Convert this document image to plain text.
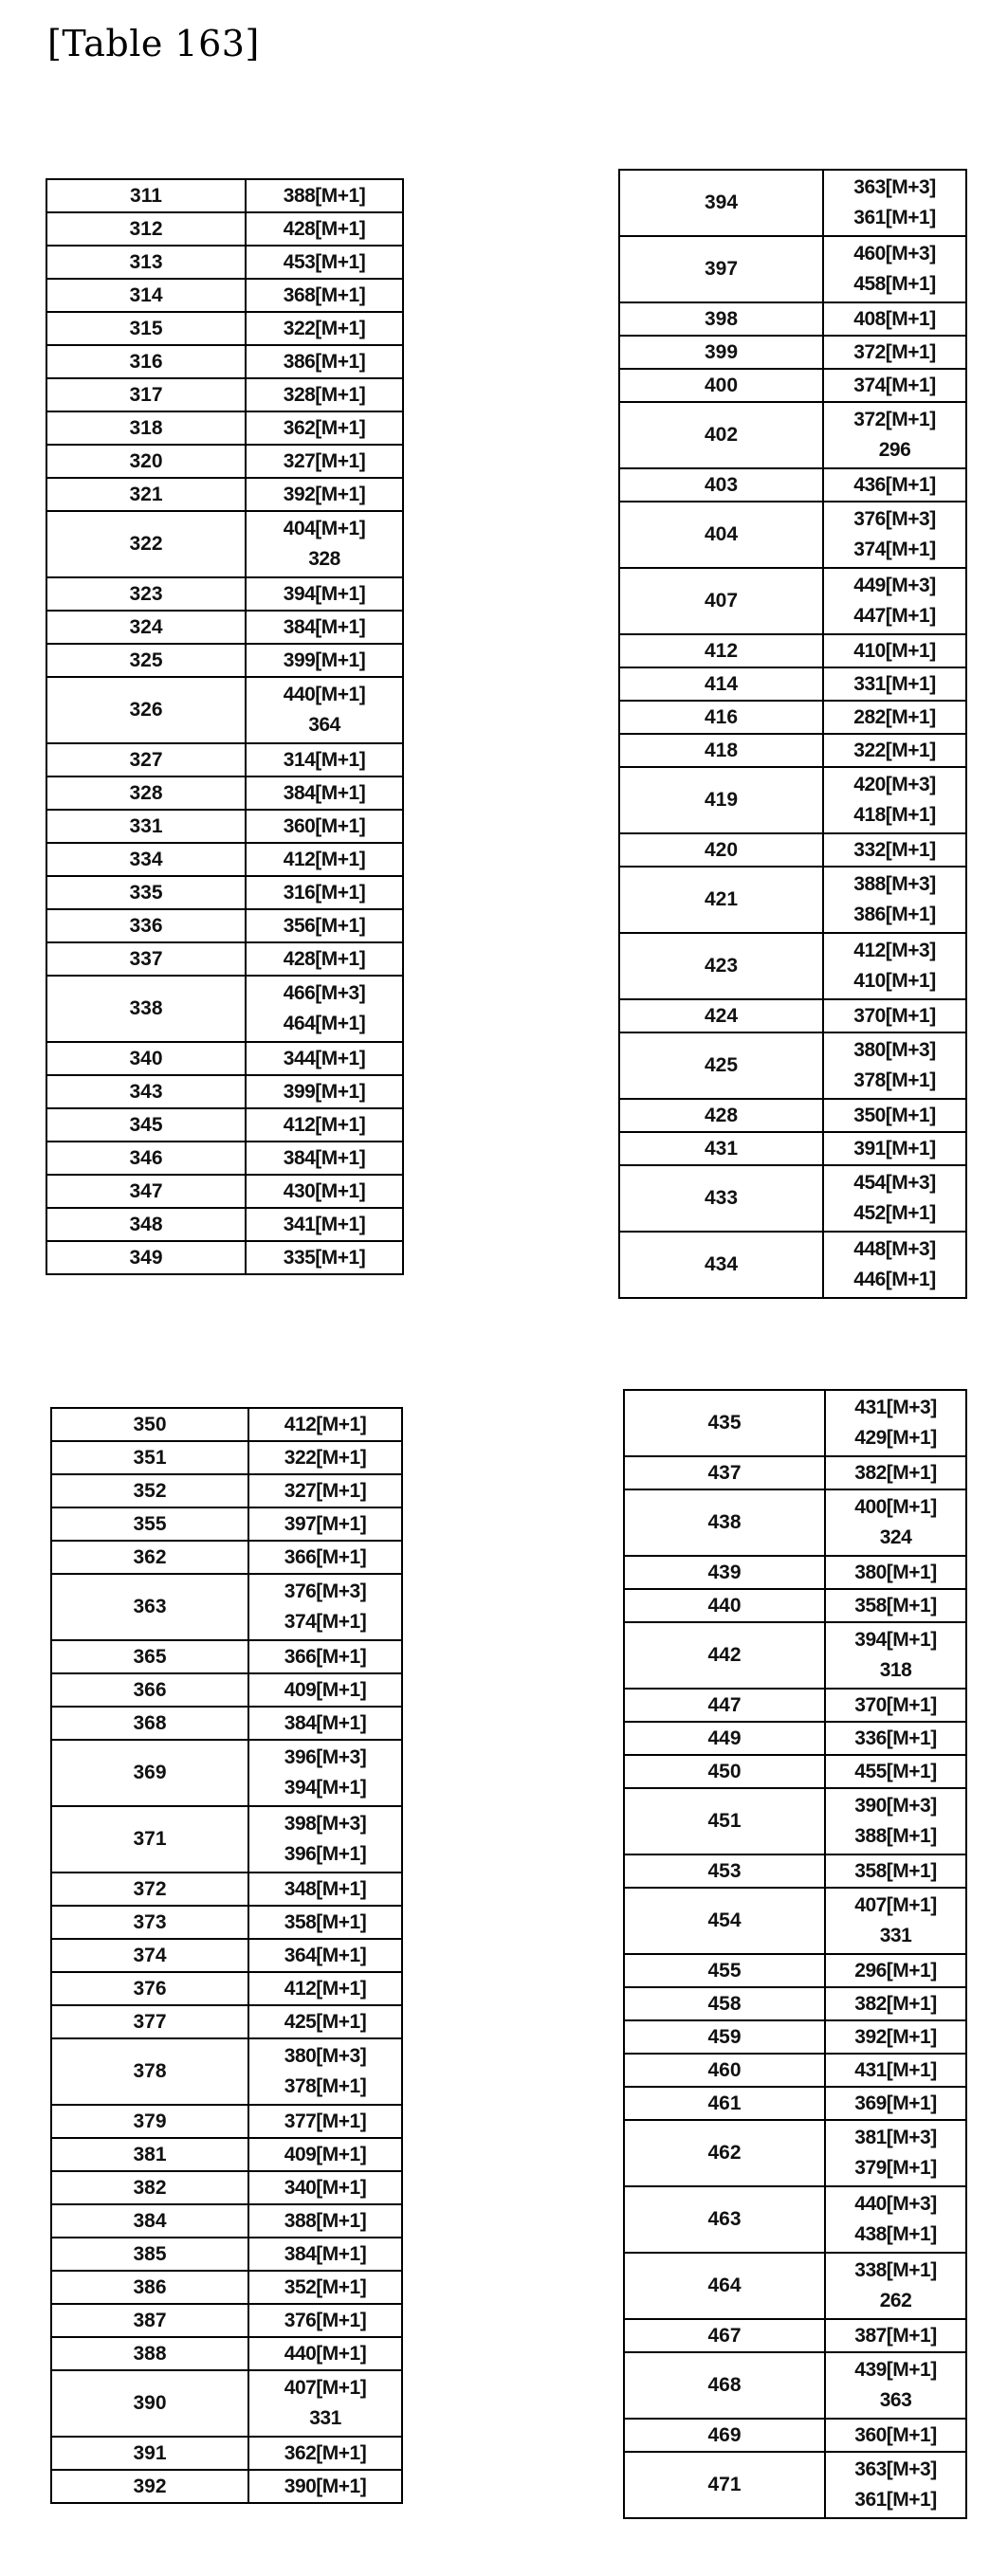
[Table 163]
311	388[M+1]

312	428[M+1]

313	453[M+1]

314	368[M+1]

315	322[M+1]

316	386[M+1]

317	328[M+1]

318	362[M+1]

320	327[M+1]

321	392[M+1]

322	404[M+1]
328

323	394[M+1]

324	384[M+1]

325	399[M+1]

326	440[M+1]
364

327	314[M+1]

328	384[M+1]

331	360[M+1]

334	412[M+1]

335	316[M+1]

336	356[M+1]

337	428[M+1]

338	466[M+3]
464[M+1]

340	344[M+1]

343	399[M+1]

345	412[M+1]

346	384[M+1]

347	430[M+1]

348	341[M+1]

349	335[M+1]
394	363[M+3]
361[M+1]

397	460[M+3]
458[M+1]

398	408[M+1]

399	372[M+1]

400	374[M+1]

402	372[M+1]
296

403	436[M+1]

404	376[M+3]
374[M+1]

407	449[M+3]
447[M+1]

412	410[M+1]

414	331[M+1]

416	282[M+1]

418	322[M+1]

419	420[M+3]
418[M+1]

420	332[M+1]

421	388[M+3]
386[M+1]

423	412[M+3]
410[M+1]

424	370[M+1]

425	380[M+3]
378[M+1]

428	350[M+1]

431	391[M+1]

433	454[M+3]
452[M+1]

434	448[M+3]
446[M+1]
350	412[M+1]

351	322[M+1]

352	327[M+1]

355	397[M+1]

362	366[M+1]

363	376[M+3]
374[M+1]

365	366[M+1]

366	409[M+1]

368	384[M+1]

369	396[M+3]
394[M+1]

371	398[M+3]
396[M+1]

372	348[M+1]

373	358[M+1]

374	364[M+1]

376	412[M+1]

377	425[M+1]

378	380[M+3]
378[M+1]

379	377[M+1]

381	409[M+1]

382	340[M+1]

384	388[M+1]

385	384[M+1]

386	352[M+1]

387	376[M+1]

388	440[M+1]

390	407[M+1]
331

391	362[M+1]

392	390[M+1]
435	431[M+3]
429[M+1]

437	382[M+1]

438	400[M+1]
324

439	380[M+1]

440	358[M+1]

442	394[M+1]
318

447	370[M+1]

449	336[M+1]

450	455[M+1]

451	390[M+3]
388[M+1]

453	358[M+1]

454	407[M+1]
331

455	296[M+1]

458	382[M+1]

459	392[M+1]

460	431[M+1]

461	369[M+1]

462	381[M+3]
379[M+1]

463	440[M+3]
438[M+1]

464	338[M+1]
262

467	387[M+1]

468	439[M+1]
363

469	360[M+1]

471	363[M+3]
361[M+1]
